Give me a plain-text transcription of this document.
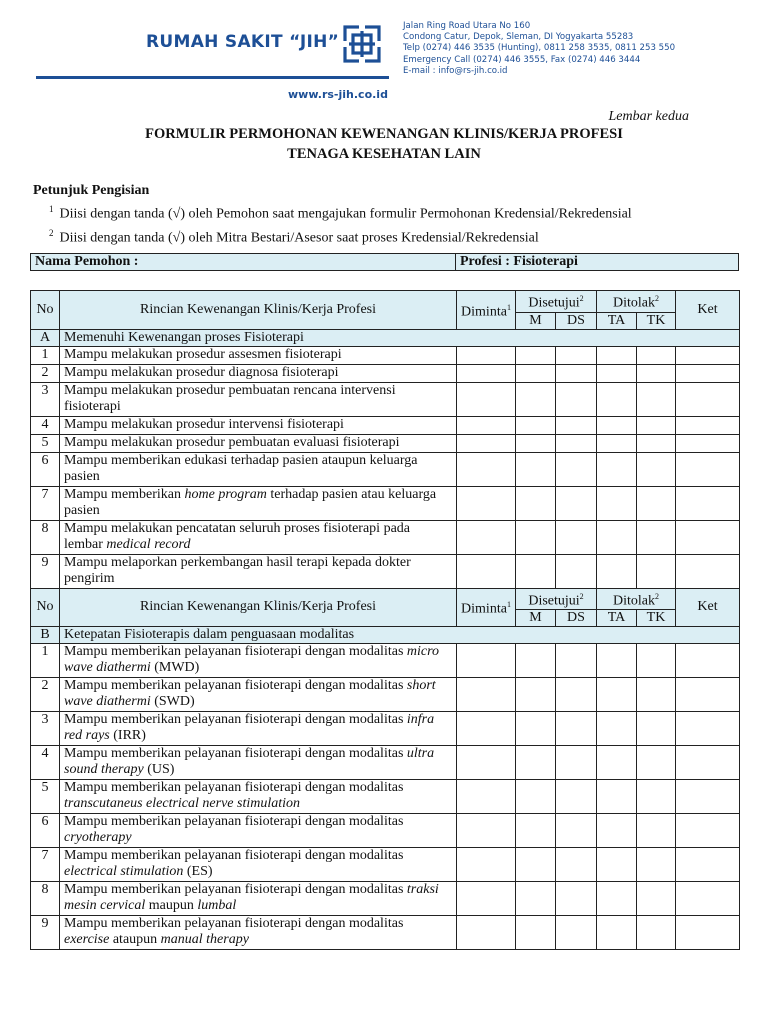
RUMAH SAKIT “JIH”
Jalan Ring Road Utara No 160
Condong Catur, Depok, Sleman, DI Yogyakarta 55283
Telp (0274) 446 3535 (Hunting), 0811 258 3535, 0811 253 550
Emergency Call (0274) 446 3555, Fax (0274) 446 3444
E-mail : info@rs-jih.co.id
www.rs-jih.co.id
Lembar kedua
FORMULIR PERMOHONAN KEWENANGAN KLINIS/KERJA PROFESI
TENAGA KESEHATAN LAIN
Petunjuk Pengisian
$^1$ Diisi dengan tanda (√) oleh Pemohon saat mengajukan formulir Permohonan Kredensial/Rekredensial
$^2$ Diisi dengan tanda (√) oleh Mitra Bestari/Asesor saat proses Kredensial/Rekredensial
Nama Pemohon :	Profesi : Fisioterapi
No	Rincian Kewenangan Klinis/Kerja Profesi	Diminta$^1$	Disetujui$^2$		Ditolak$^2$		Ket
			M	DS	TA	TK	
A	Memenuhi Kewenangan proses Fisioterapi						
1	Mampu melakukan prosedur assesmen fisioterapi						
2	Mampu melakukan prosedur diagnosa fisioterapi						
3	Mampu melakukan prosedur pembuatan rencana intervensi fisioterapi						
4	Mampu melakukan prosedur intervensi fisioterapi						
5	Mampu melakukan prosedur pembuatan evaluasi fisioterapi						
6	Mampu memberikan edukasi terhadap pasien ataupun keluarga pasien						
7	Mampu memberikan home program terhadap pasien atau keluarga pasien						
8	Mampu melakukan pencatatan seluruh proses fisioterapi pada lembar medical record						
9	Mampu melaporkan perkembangan hasil terapi kepada dokter pengirim						
No	Rincian Kewenangan Klinis/Kerja Profesi	Diminta$^1$	Disetujui$^2$		Ditolak$^2$		Ket
			M	DS	TA	TK	
B	Ketepatan Fisioterapis dalam penguasaan modalitas						
1	Mampu memberikan pelayanan fisioterapi dengan modalitas micro wave diathermi (MWD)						
2	Mampu memberikan pelayanan fisioterapi dengan modalitas short wave diathermi (SWD)						
3	Mampu memberikan pelayanan fisioterapi dengan modalitas infra red rays (IRR)						
4	Mampu memberikan pelayanan fisioterapi dengan modalitas ultra sound therapy (US)						
5	Mampu memberikan pelayanan fisioterapi dengan modalitas transcutaneus electrical nerve stimulation						
6	Mampu memberikan pelayanan fisioterapi dengan modalitas cryotherapy						
7	Mampu memberikan pelayanan fisioterapi dengan modalitas electrical stimulation (ES)						
8	Mampu memberikan pelayanan fisioterapi dengan modalitas traksi mesin cervical maupun lumbal						
9	Mampu memberikan pelayanan fisioterapi dengan modalitas exercise ataupun manual therapy						
